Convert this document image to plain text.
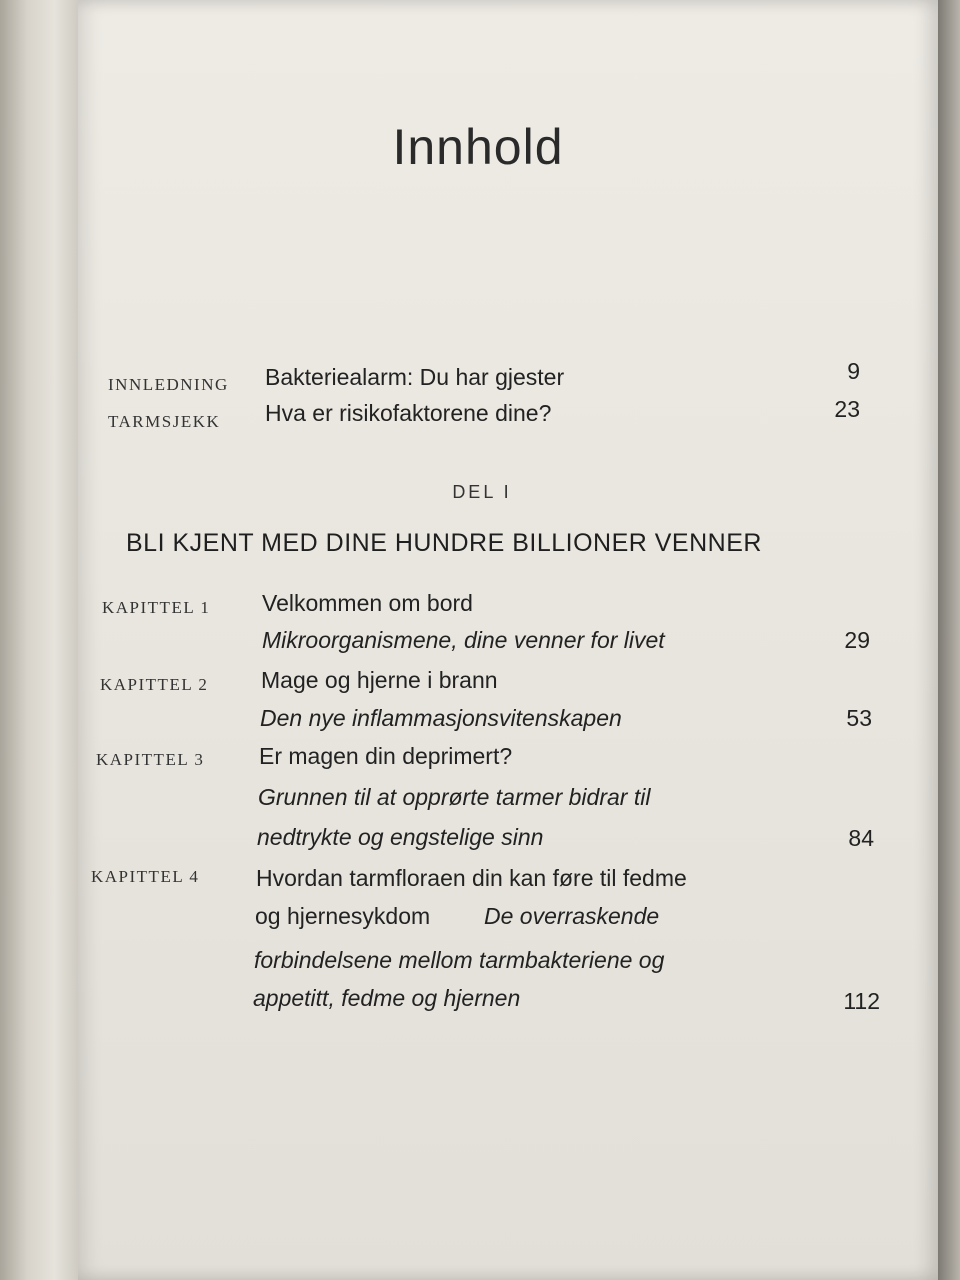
Innhold
INNLEDNING Bakteriealarm: Du har gjester	9
TARMSJEKK Hva er risikofaktorene dine?	23
DEL I
BLI KJENT MED DINE HUNDRE BILLIONER VENNER
KAPITTEL 1 Velkommen om bord
Mikroorganismene, dine venner for livet	29
KAPITTEL 2 Mage og hjerne i brann
Den nye inflammasjonsvitenskapen	53
KAPITTEL 3 Er magen din deprimert?
Grunnen til at opprørte tarmer bidrar til
nedtrykte og engstelige sinn	84
KAPITTEL 4 Hvordan tarmfloraen din kan føre til fedme
og hjernesykdom De overraskende
forbindelsene mellom tarmbakteriene og
appetitt, fedme og hjernen	112
